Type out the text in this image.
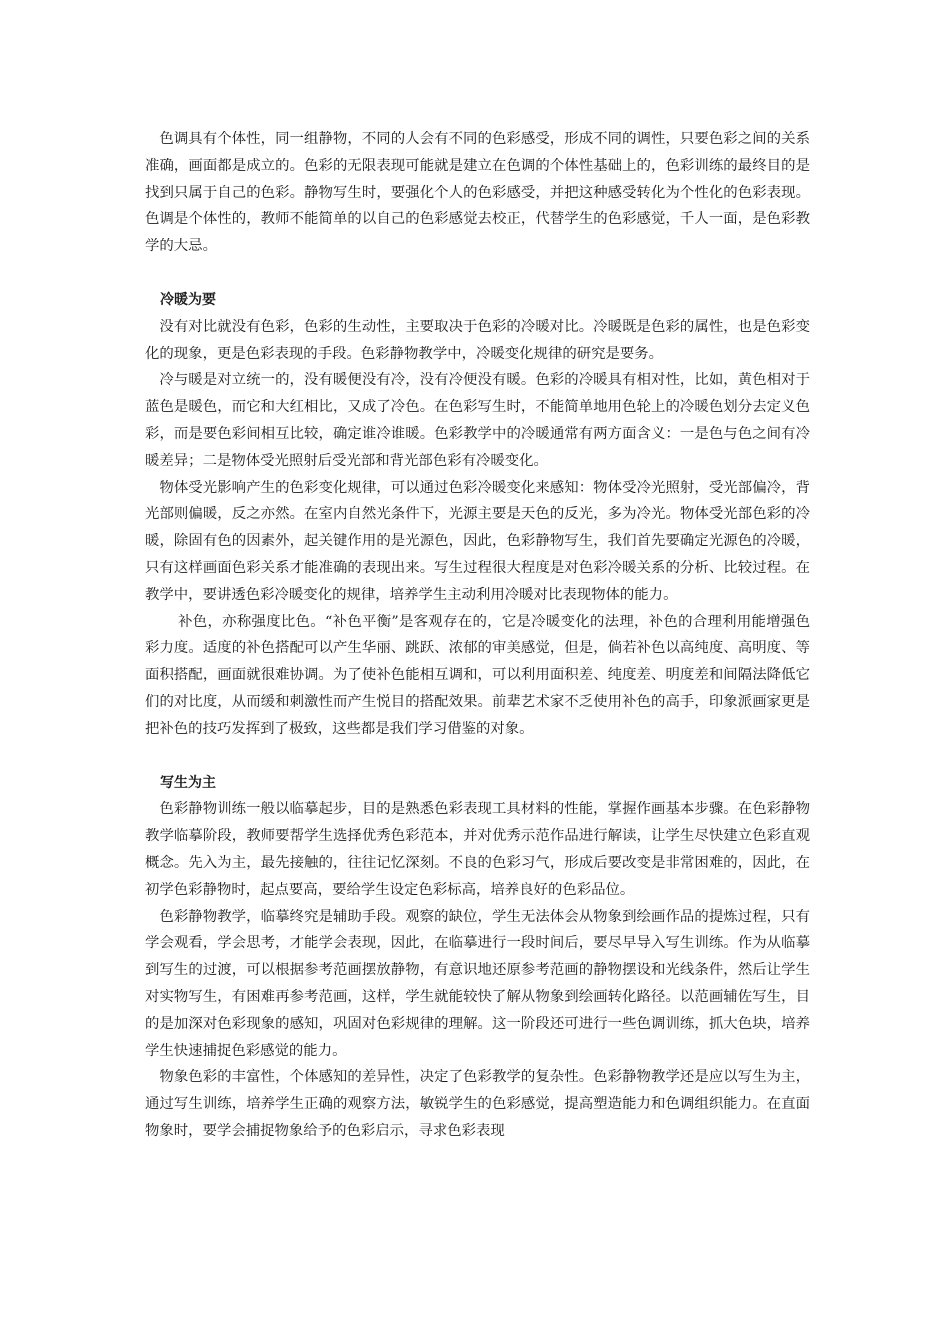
色调具有个体性，同一组静物，不同的人会有不同的色彩感受，形成不同的调性，只要色彩之间的关系准确，画面都是成立的。色彩的无限表现可能就是建立在色调的个体性基础上的，色彩训练的最终目的是找到只属于自己的色彩。静物写生时，要强化个人的色彩感受，并把这种感受转化为个性化的色彩表现。色调是个体性的，教师不能简单的以自己的色彩感觉去校正，代替学生的色彩感觉，千人一面，是色彩教学的大忌。

冷暖为要

没有对比就没有色彩，色彩的生动性，主要取决于色彩的冷暖对比。冷暖既是色彩的属性，也是色彩变化的现象，更是色彩表现的手段。色彩静物教学中，冷暖变化规律的研究是要务。

冷与暖是对立统一的，没有暖便没有冷，没有冷便没有暖。色彩的冷暖具有相对性，比如，黄色相对于蓝色是暖色，而它和大红相比，又成了冷色。在色彩写生时，不能简单地用色轮上的冷暖色划分去定义色彩，而是要色彩间相互比较，确定谁冷谁暖。色彩教学中的冷暖通常有两方面含义：一是色与色之间有冷暖差异；二是物体受光照射后受光部和背光部色彩有冷暖变化。

物体受光影响产生的色彩变化规律，可以通过色彩冷暖变化来感知：物体受冷光照射，受光部偏冷，背光部则偏暖，反之亦然。在室内自然光条件下，光源主要是天色的反光，多为冷光。物体受光部色彩的冷暖，除固有色的因素外，起关键作用的是光源色，因此，色彩静物写生，我们首先要确定光源色的冷暖，只有这样画面色彩关系才能准确的表现出来。写生过程很大程度是对色彩冷暖关系的分析、比较过程。在教学中，要讲透色彩冷暖变化的规律，培养学生主动利用冷暖对比表现物体的能力。

补色，亦称强度比色。“补色平衡”是客观存在的，它是冷暖变化的法理，补色的合理利用能增强色彩力度。适度的补色搭配可以产生华丽、跳跃、浓郁的审美感觉，但是，倘若补色以高纯度、高明度、等面积搭配，画面就很难协调。为了使补色能相互调和，可以利用面积差、纯度差、明度差和间隔法降低它们的对比度，从而缓和刺激性而产生悦目的搭配效果。前辈艺术家不乏使用补色的高手，印象派画家更是把补色的技巧发挥到了极致，这些都是我们学习借鉴的对象。

写生为主

色彩静物训练一般以临摹起步，目的是熟悉色彩表现工具材料的性能，掌握作画基本步骤。在色彩静物教学临摹阶段，教师要帮学生选择优秀色彩范本，并对优秀示范作品进行解读，让学生尽快建立色彩直观概念。先入为主，最先接触的，往往记忆深刻。不良的色彩习气，形成后要改变是非常困难的，因此，在初学色彩静物时，起点要高，要给学生设定色彩标高，培养良好的色彩品位。

色彩静物教学，临摹终究是辅助手段。观察的缺位，学生无法体会从物象到绘画作品的提炼过程，只有学会观看，学会思考，才能学会表现，因此，在临摹进行一段时间后，要尽早导入写生训练。作为从临摹到写生的过渡，可以根据参考范画摆放静物，有意识地还原参考范画的静物摆设和光线条件，然后让学生对实物写生，有困难再参考范画，这样，学生就能较快了解从物象到绘画转化路径。以范画辅佐写生，目的是加深对色彩现象的感知，巩固对色彩规律的理解。这一阶段还可进行一些色调训练，抓大色块，培养学生快速捕捉色彩感觉的能力。

物象色彩的丰富性，个体感知的差异性，决定了色彩教学的复杂性。色彩静物教学还是应以写生为主，通过写生训练，培养学生正确的观察方法，敏锐学生的色彩感觉，提高塑造能力和色调组织能力。在直面物象时，要学会捕捉物象给予的色彩启示，寻求色彩表现
